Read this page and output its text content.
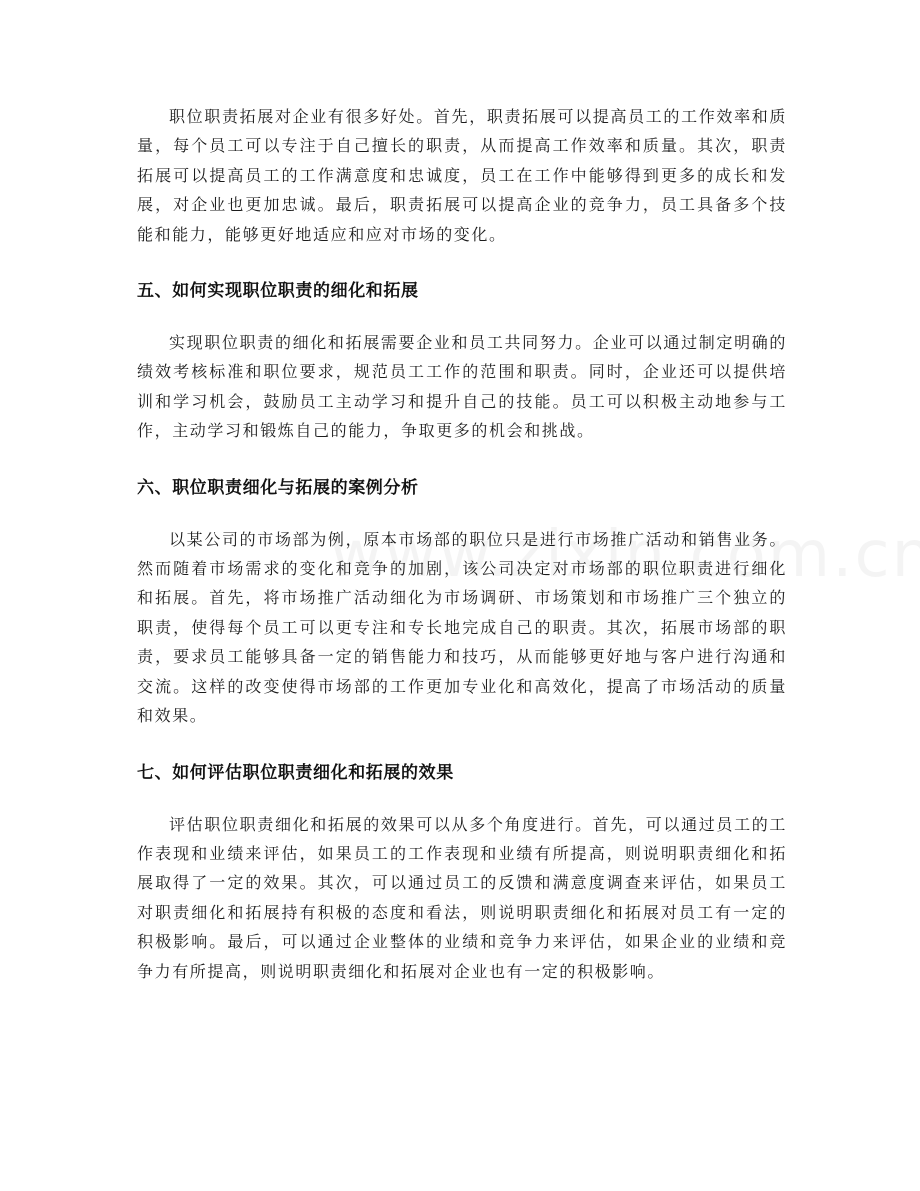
职位职责拓展对企业有很多好处。首先，职责拓展可以提高员工的工作效率和质量，每个员工可以专注于自己擅长的职责，从而提高工作效率和质量。其次，职责拓展可以提高员工的工作满意度和忠诚度，员工在工作中能够得到更多的成长和发展，对企业也更加忠诚。最后，职责拓展可以提高企业的竞争力，员工具备多个技能和能力，能够更好地适应和应对市场的变化。

五、如何实现职位职责的细化和拓展

实现职位职责的细化和拓展需要企业和员工共同努力。企业可以通过制定明确的绩效考核标准和职位要求，规范员工工作的范围和职责。同时，企业还可以提供培训和学习机会，鼓励员工主动学习和提升自己的技能。员工可以积极主动地参与工作，主动学习和锻炼自己的能力，争取更多的机会和挑战。

六、职位职责细化与拓展的案例分析

以某公司的市场部为例，原本市场部的职位只是进行市场推广活动和销售业务。然而随着市场需求的变化和竞争的加剧，该公司决定对市场部的职位职责进行细化和拓展。首先，将市场推广活动细化为市场调研、市场策划和市场推广三个独立的职责，使得每个员工可以更专注和专长地完成自己的职责。其次，拓展市场部的职责，要求员工能够具备一定的销售能力和技巧，从而能够更好地与客户进行沟通和交流。这样的改变使得市场部的工作更加专业化和高效化，提高了市场活动的质量和效果。

七、如何评估职位职责细化和拓展的效果

评估职位职责细化和拓展的效果可以从多个角度进行。首先，可以通过员工的工作表现和业绩来评估，如果员工的工作表现和业绩有所提高，则说明职责细化和拓展取得了一定的效果。其次，可以通过员工的反馈和满意度调查来评估，如果员工对职责细化和拓展持有积极的态度和看法，则说明职责细化和拓展对员工有一定的积极影响。最后，可以通过企业整体的业绩和竞争力来评估，如果企业的业绩和竞争力有所提高，则说明职责细化和拓展对企业也有一定的积极影响。
